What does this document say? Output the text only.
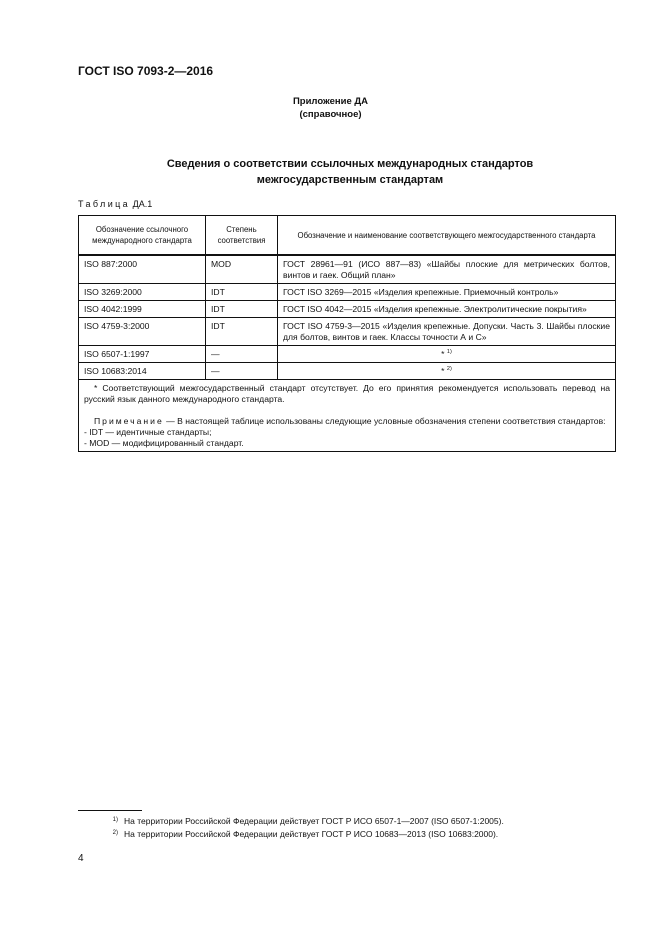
ГОСТ ISO 7093-2—2016
Приложение ДА
(справочное)
Сведения о соответствии ссылочных международных стандартов
межгосударственным стандартам
Таблица ДА.1
Обозначение ссылочного международного стандарта	Степень соответствия	Обозначение и наименование соответствующего межгосударственного стандарта
ISO 887:2000	MOD	ГОСТ 28961—91 (ИСО 887—83) «Шайбы плоские для метрических болтов, винтов и гаек. Общий план»
ISO 3269:2000	IDT	ГОСТ ISO 3269—2015 «Изделия крепежные. Приемочный контроль»
ISO 4042:1999	IDT	ГОСТ ISO 4042—2015 «Изделия крепежные. Электролитические покрытия»
ISO 4759-3:2000	IDT	ГОСТ ISO 4759-3—2015 «Изделия крепежные. Допуски. Часть 3. Шайбы плоские для болтов, винтов и гаек. Классы точности А и С»
ISO 6507-1:1997	—	* $^{1)}$
ISO 10683:2014	—	* $^{2)}$

* Соответствующий межгосударственный стандарт отсутствует. До его принятия рекомендуется использовать перевод на русский язык данного международного стандарта.

Примечание — В настоящей таблице использованы следующие условные обозначения степени соответствия стандартов:

- IDT — идентичные стандарты;

- MOD — модифицированный стандарт.		

1) На территории Российской Федерации действует ГОСТ Р ИСО 6507-1—2007 (ISO 6507-1:2005).
2) На территории Российской Федерации действует ГОСТ Р ИСО 10683—2013 (ISO 10683:2000).
4
